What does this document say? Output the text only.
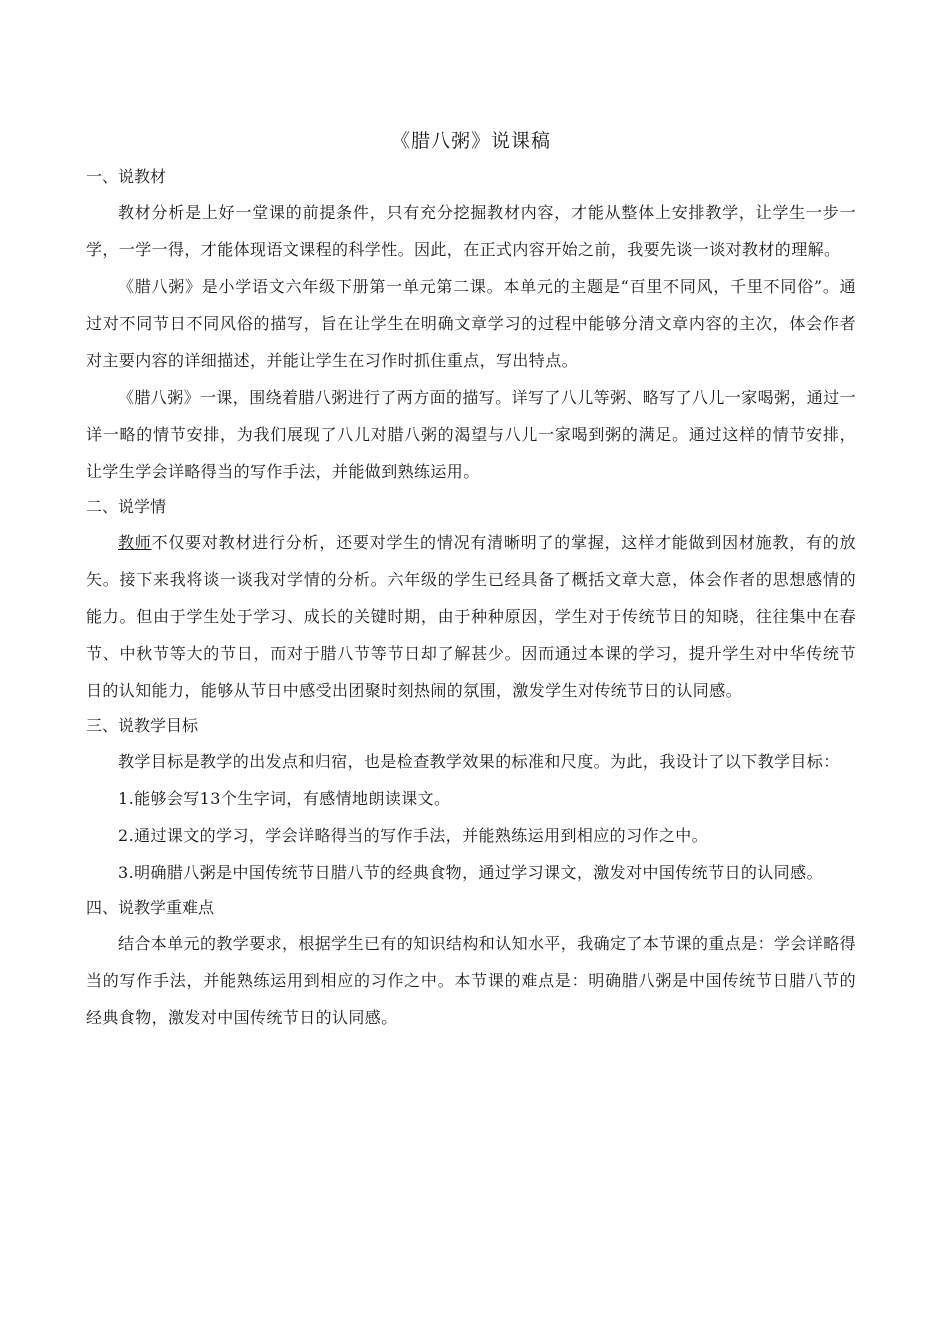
《腊八粥》说课稿

一、说教材

教材分析是上好一堂课的前提条件，只有充分挖掘教材内容，才能从整体上安排教学，让学生一步一学，一学一得，才能体现语文课程的科学性。因此，在正式内容开始之前，我要先谈一谈对教材的理解。

《腊八粥》是小学语文六年级下册第一单元第二课。本单元的主题是“百里不同风，千里不同俗”。通过对不同节日不同风俗的描写，旨在让学生在明确文章学习的过程中能够分清文章内容的主次，体会作者对主要内容的详细描述，并能让学生在习作时抓住重点，写出特点。

《腊八粥》一课，围绕着腊八粥进行了两方面的描写。详写了八儿等粥、略写了八儿一家喝粥，通过一详一略的情节安排，为我们展现了八儿对腊八粥的渴望与八儿一家喝到粥的满足。通过这样的情节安排，让学生学会详略得当的写作手法，并能做到熟练运用。

二、说学情

教师不仅要对教材进行分析，还要对学生的情况有清晰明了的掌握，这样才能做到因材施教，有的放矢。接下来我将谈一谈我对学情的分析。六年级的学生已经具备了概括文章大意，体会作者的思想感情的能力。但由于学生处于学习、成长的关键时期，由于种种原因，学生对于传统节日的知晓，往往集中在春节、中秋节等大的节日，而对于腊八节等节日却了解甚少。因而通过本课的学习，提升学生对中华传统节日的认知能力，能够从节日中感受出团聚时刻热闹的氛围，激发学生对传统节日的认同感。

三、说教学目标

教学目标是教学的出发点和归宿，也是检查教学效果的标准和尺度。为此，我设计了以下教学目标：

1.能够会写13个生字词，有感情地朗读课文。

2.通过课文的学习，学会详略得当的写作手法，并能熟练运用到相应的习作之中。

3.明确腊八粥是中国传统节日腊八节的经典食物，通过学习课文，激发对中国传统节日的认同感。

四、说教学重难点

结合本单元的教学要求，根据学生已有的知识结构和认知水平，我确定了本节课的重点是：学会详略得当的写作手法，并能熟练运用到相应的习作之中。本节课的难点是：明确腊八粥是中国传统节日腊八节的经典食物，激发对中国传统节日的认同感。
